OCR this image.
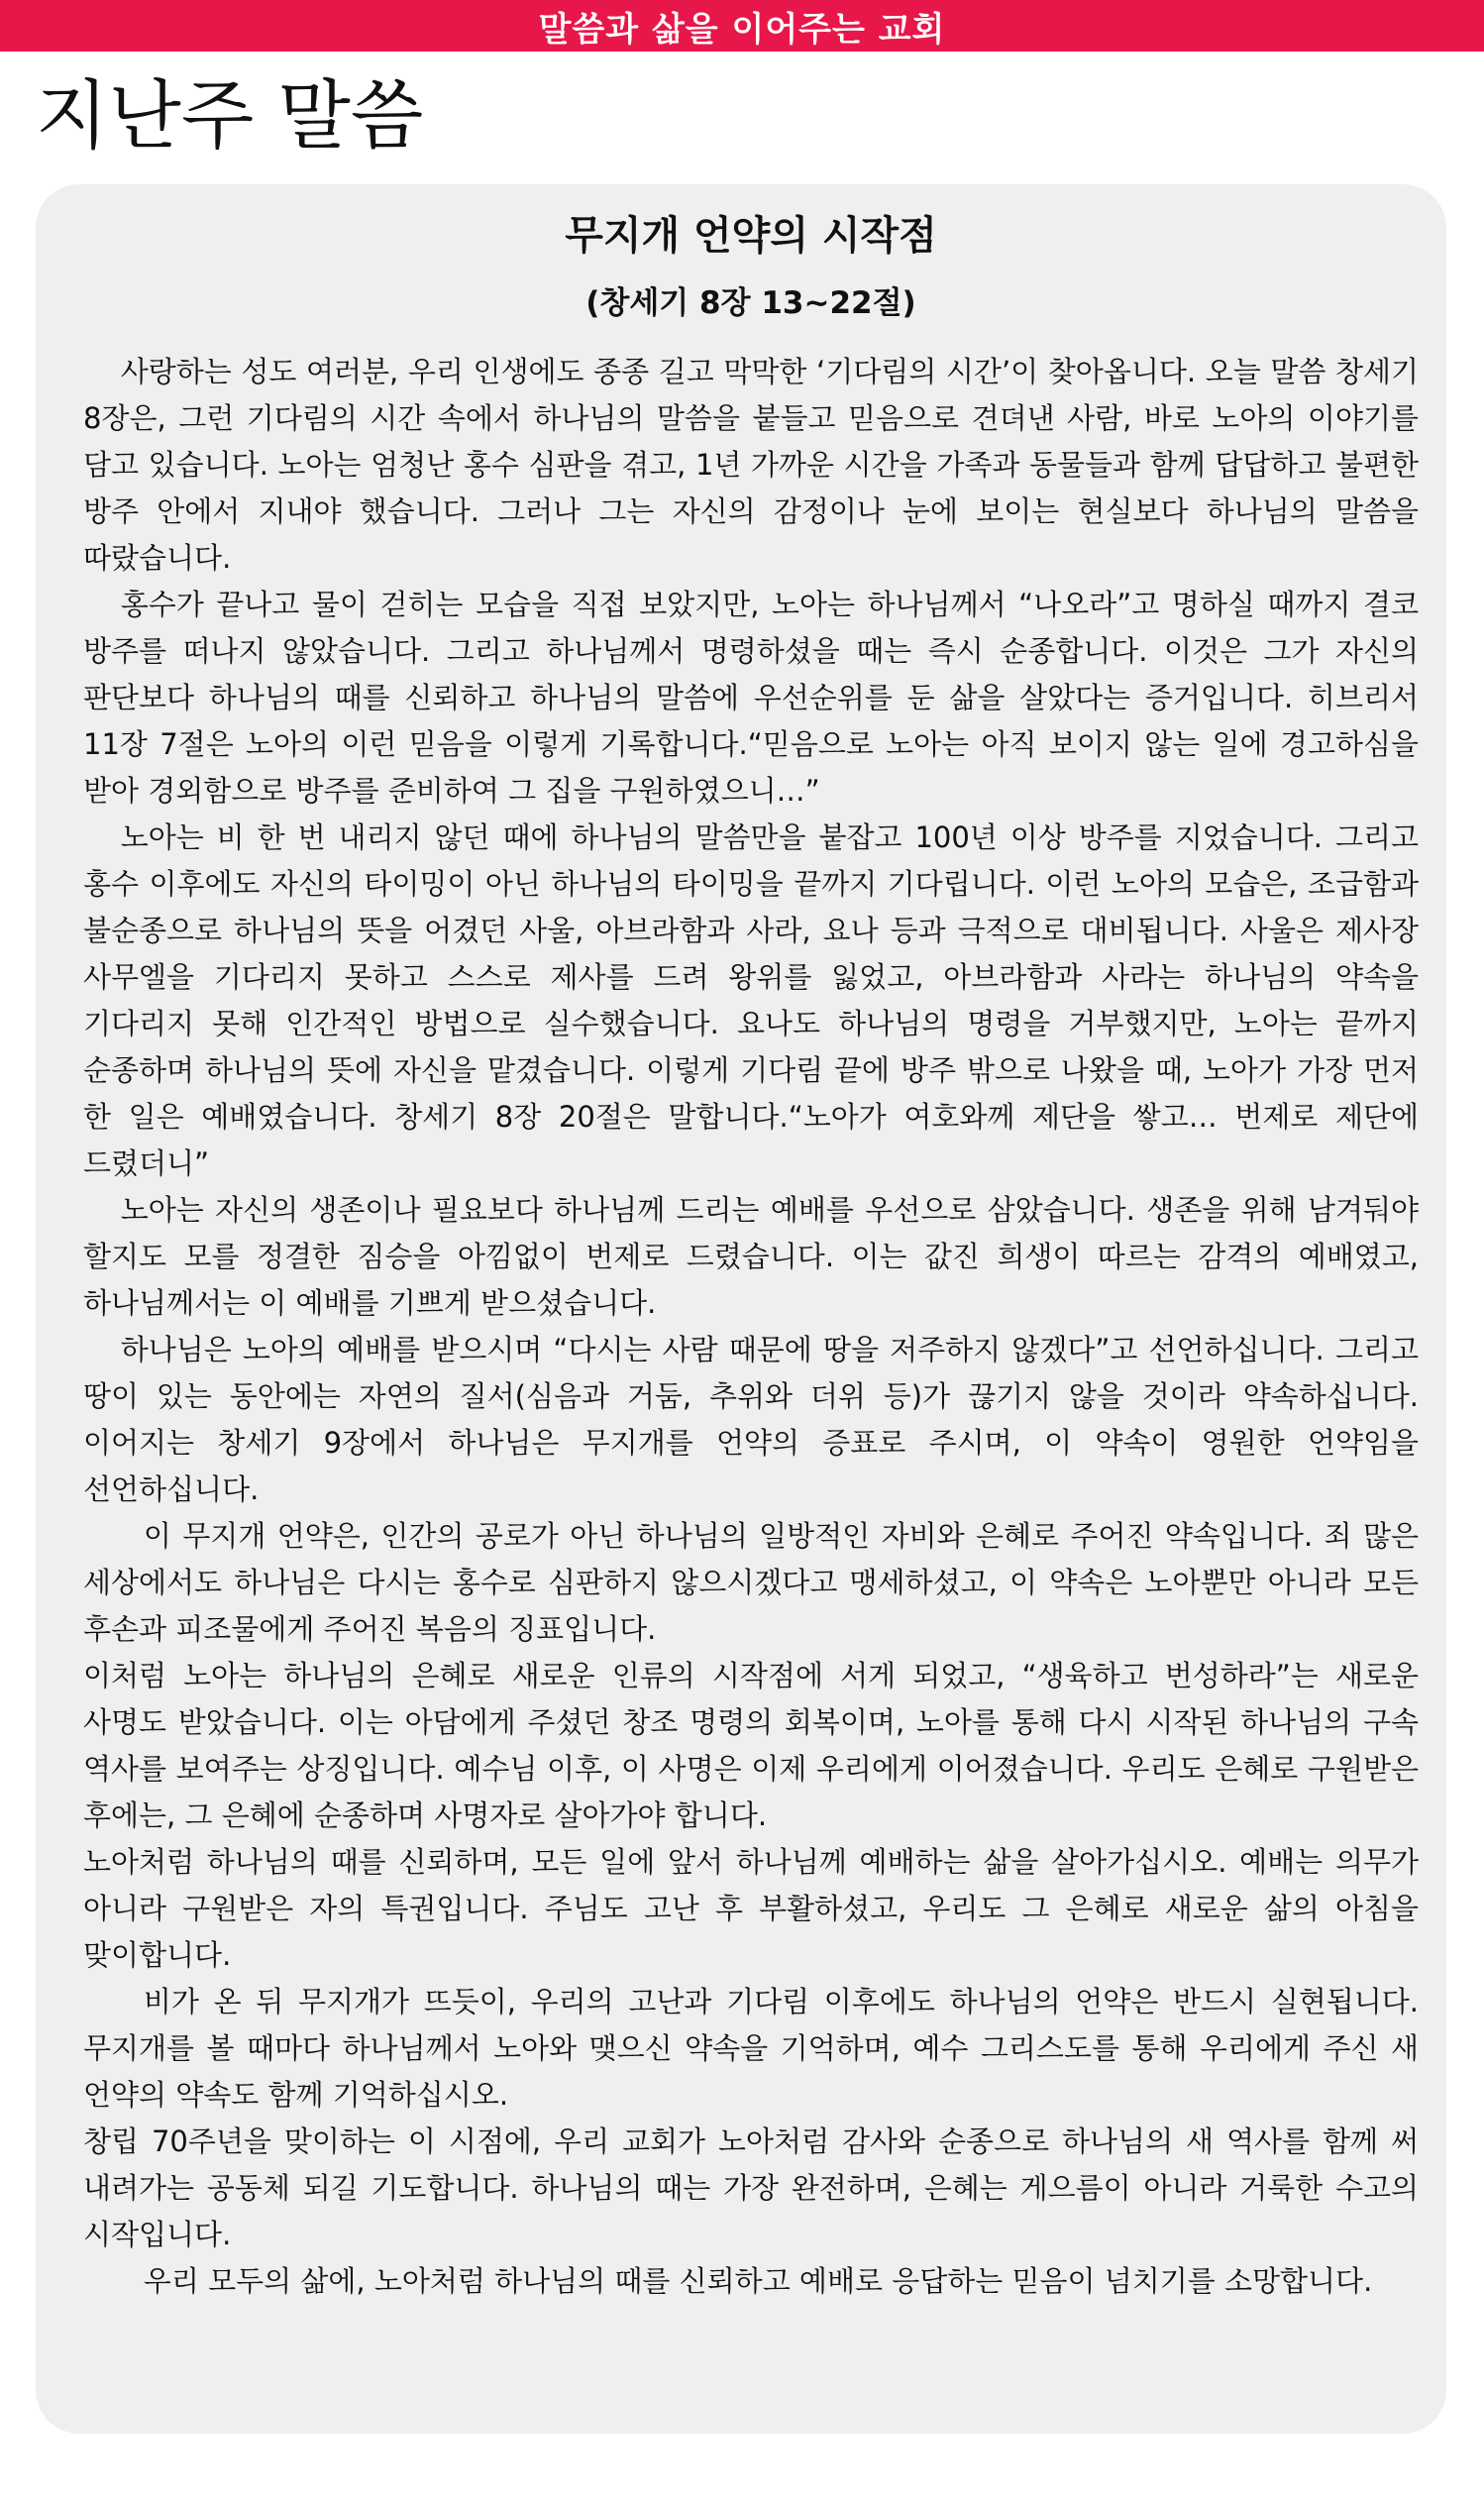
말씀과 삶을 이어주는 교회
지난주 말씀
무지개 언약의 시작점
(창세기 8장 13~22절)

사랑하는 성도 여러분, 우리 인생에도 종종 길고 막막한 ‘기다림의 시간’이 찾아옵니다. 오늘 말씀 창세기 8장은, 그런 기다림의 시간 속에서 하나님의 말씀을 붙들고 믿음으로 견뎌낸 사람, 바로 노아의 이야기를 담고 있습니다. 노아는 엄청난 홍수 심판을 겪고, 1년 가까운 시간을 가족과 동물들과 함께 답답하고 불편한 방주 안에서 지내야 했습니다. 그러나 그는 자신의 감정이나 눈에 보이는 현실보다 하나님의 말씀을 따랐습니다.

홍수가 끝나고 물이 걷히는 모습을 직접 보았지만, 노아는 하나님께서 “나오라”고 명하실 때까지 결코 방주를 떠나지 않았습니다. 그리고 하나님께서 명령하셨을 때는 즉시 순종합니다. 이것은 그가 자신의 판단보다 하나님의 때를 신뢰하고 하나님의 말씀에 우선순위를 둔 삶을 살았다는 증거입니다. 히브리서 11장 7절은 노아의 이런 믿음을 이렇게 기록합니다.“믿음으로 노아는 아직 보이지 않는 일에 경고하심을 받아 경외함으로 방주를 준비하여 그 집을 구원하였으니…”

노아는 비 한 번 내리지 않던 때에 하나님의 말씀만을 붙잡고 100년 이상 방주를 지었습니다. 그리고 홍수 이후에도 자신의 타이밍이 아닌 하나님의 타이밍을 끝까지 기다립니다. 이런 노아의 모습은, 조급함과 불순종으로 하나님의 뜻을 어겼던 사울, 아브라함과 사라, 요나 등과 극적으로 대비됩니다. 사울은 제사장 사무엘을 기다리지 못하고 스스로 제사를 드려 왕위를 잃었고, 아브라함과 사라는 하나님의 약속을 기다리지 못해 인간적인 방법으로 실수했습니다. 요나도 하나님의 명령을 거부했지만, 노아는 끝까지 순종하며 하나님의 뜻에 자신을 맡겼습니다. 이렇게 기다림 끝에 방주 밖으로 나왔을 때, 노아가 가장 먼저 한 일은 예배였습니다. 창세기 8장 20절은 말합니다.“노아가 여호와께 제단을 쌓고… 번제로 제단에 드렸더니”

노아는 자신의 생존이나 필요보다 하나님께 드리는 예배를 우선으로 삼았습니다. 생존을 위해 남겨둬야 할지도 모를 정결한 짐승을 아낌없이 번제로 드렸습니다. 이는 값진 희생이 따르는 감격의 예배였고, 하나님께서는 이 예배를 기쁘게 받으셨습니다.

하나님은 노아의 예배를 받으시며 “다시는 사람 때문에 땅을 저주하지 않겠다”고 선언하십니다. 그리고 땅이 있는 동안에는 자연의 질서(심음과 거둠, 추위와 더위 등)가 끊기지 않을 것이라 약속하십니다. 이어지는 창세기 9장에서 하나님은 무지개를 언약의 증표로 주시며, 이 약속이 영원한 언약임을 선언하십니다.

이 무지개 언약은, 인간의 공로가 아닌 하나님의 일방적인 자비와 은혜로 주어진 약속입니다. 죄 많은 세상에서도 하나님은 다시는 홍수로 심판하지 않으시겠다고 맹세하셨고, 이 약속은 노아뿐만 아니라 모든 후손과 피조물에게 주어진 복음의 징표입니다.

이처럼 노아는 하나님의 은혜로 새로운 인류의 시작점에 서게 되었고, “생육하고 번성하라”는 새로운 사명도 받았습니다. 이는 아담에게 주셨던 창조 명령의 회복이며, 노아를 통해 다시 시작된 하나님의 구속 역사를 보여주는 상징입니다. 예수님 이후, 이 사명은 이제 우리에게 이어졌습니다. 우리도 은혜로 구원받은 후에는, 그 은혜에 순종하며 사명자로 살아가야 합니다.

노아처럼 하나님의 때를 신뢰하며, 모든 일에 앞서 하나님께 예배하는 삶을 살아가십시오. 예배는 의무가 아니라 구원받은 자의 특권입니다. 주님도 고난 후 부활하셨고, 우리도 그 은혜로 새로운 삶의 아침을 맞이합니다.

비가 온 뒤 무지개가 뜨듯이, 우리의 고난과 기다림 이후에도 하나님의 언약은 반드시 실현됩니다. 무지개를 볼 때마다 하나님께서 노아와 맺으신 약속을 기억하며, 예수 그리스도를 통해 우리에게 주신 새 언약의 약속도 함께 기억하십시오.

창립 70주년을 맞이하는 이 시점에, 우리 교회가 노아처럼 감사와 순종으로 하나님의 새 역사를 함께 써 내려가는 공동체 되길 기도합니다. 하나님의 때는 가장 완전하며, 은혜는 게으름이 아니라 거룩한 수고의 시작입니다.

우리 모두의 삶에, 노아처럼 하나님의 때를 신뢰하고 예배로 응답하는 믿음이 넘치기를 소망합니다.
